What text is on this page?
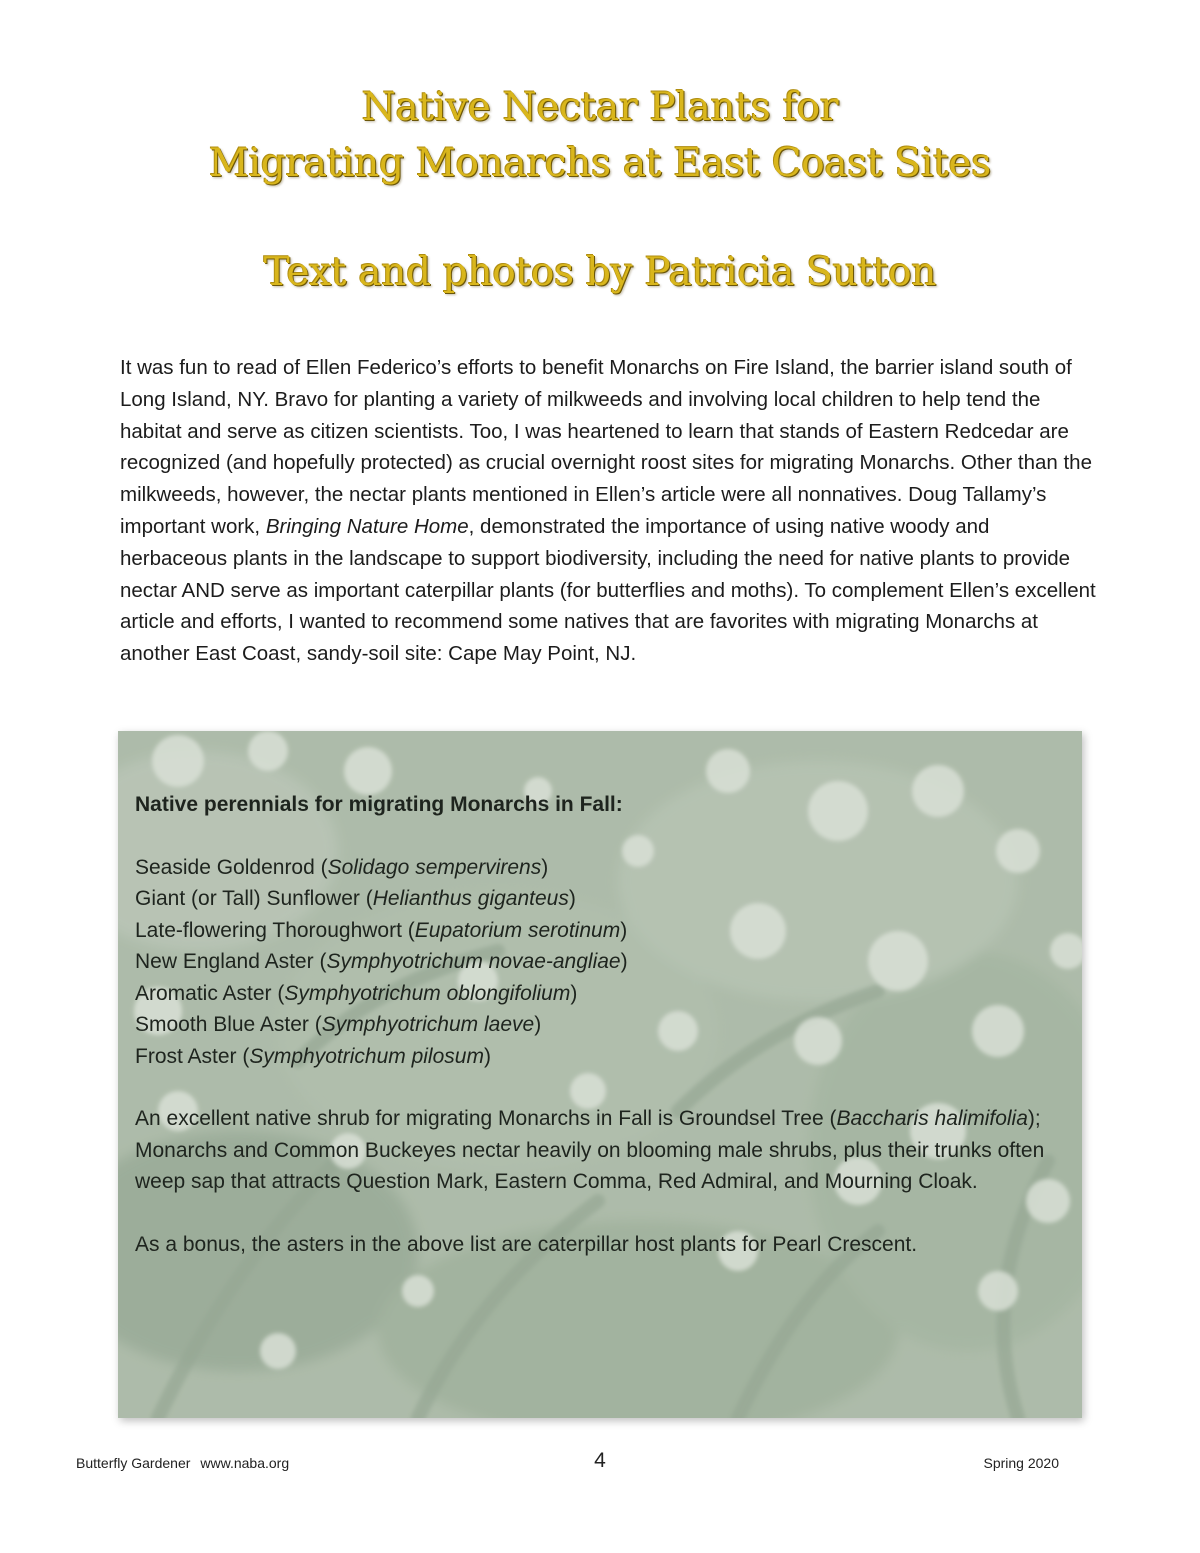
Native Nectar Plants for

Migrating Monarchs at East Coast Sites

Text and photos by Patricia Sutton

It was fun to read of Ellen Federico’s efforts to benefit Monarchs on Fire Island, the barrier island south of Long Island, NY. Bravo for planting a variety of milkweeds and involving local children to help tend the habitat and serve as citizen scientists. Too, I was heartened to learn that stands of Eastern Redcedar are recognized (and hopefully protected) as crucial overnight roost sites for migrating Monarchs. Other than the milkweeds, however, the nectar plants mentioned in Ellen’s article were all nonnatives. Doug Tallamy’s important work, Bringing Nature Home, demonstrated the importance of using native woody and herbaceous plants in the landscape to support biodiversity, including the need for native plants to provide nectar AND serve as important caterpillar plants (for butterflies and moths). To complement Ellen’s excellent article and efforts, I wanted to recommend some natives that are favorites with migrating Monarchs at another East Coast, sandy-soil site: Cape May Point, NJ.

Native perennials for migrating Monarchs in Fall:

Seaside Goldenrod (Solidago sempervirens)
Giant (or Tall) Sunflower (Helianthus giganteus)
Late-flowering Thoroughwort (Eupatorium serotinum)
New England Aster (Symphyotrichum novae-angliae)
Aromatic Aster (Symphyotrichum oblongifolium)
Smooth Blue Aster (Symphyotrichum laeve)
Frost Aster (Symphyotrichum pilosum)

An excellent native shrub for migrating Monarchs in Fall is Groundsel Tree (Baccharis halimifolia); Monarchs and Common Buckeyes nectar heavily on blooming male shrubs, plus their trunks often weep sap that attracts Question Mark, Eastern Comma, Red Admiral, and Mourning Cloak.

As a bonus, the asters in the above list are caterpillar host plants for Pearl Crescent.

Butterfly Gardener www.naba.org	4	Spring 2020
